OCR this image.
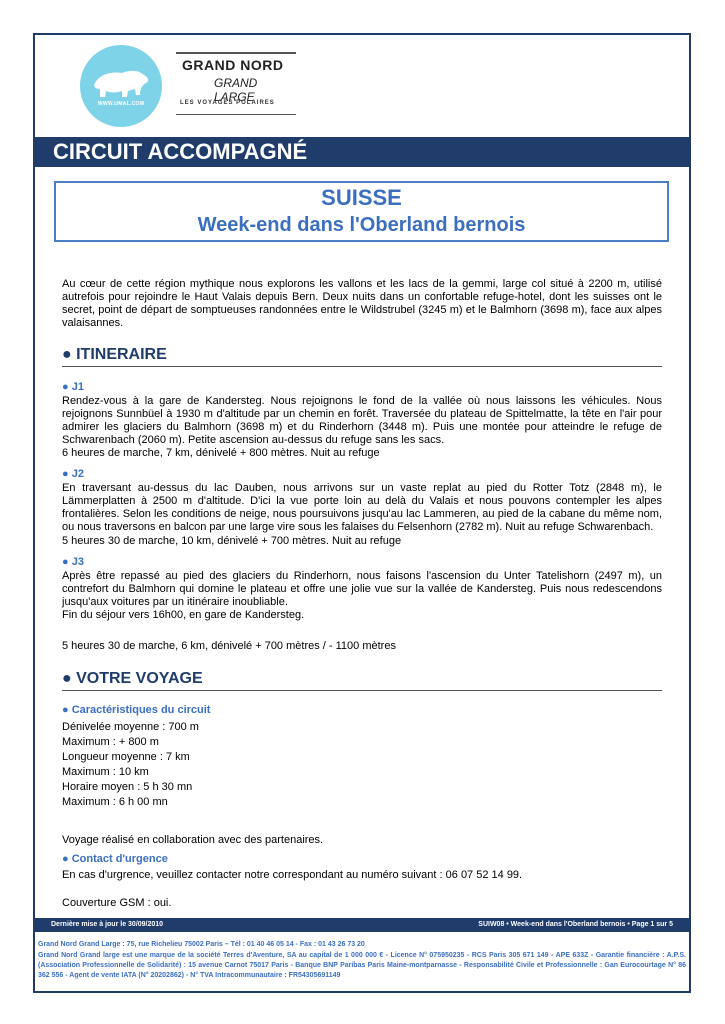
WWW.UMAL.COM
GRAND NORD
GRAND LARGE
LES VOYAGES POLAIRES
CIRCUIT ACCOMPAGNÉ
SUISSE
Week-end dans l'Oberland bernois
Au cœur de cette région mythique nous explorons les vallons et les lacs de la gemmi, large col situé à 2200 m, utilisé autrefois pour rejoindre le Haut Valais depuis Bern. Deux nuits dans un confortable refuge-hotel, dont les suisses ont le secret, point de départ de somptueuses randonnées entre le Wildstrubel (3245 m) et le Balmhorn (3698 m), face aux alpes valaisannes.
● ITINERAIRE
● J1
Rendez-vous à la gare de Kandersteg. Nous rejoignons le fond de la vallée où nous laissons les véhicules. Nous rejoignons Sunnbüel à 1930 m d'altitude par un chemin en forêt. Traversée du plateau de Spittelmatte, la tête en l'air pour admirer les glaciers du Balmhorn (3698 m) et du Rinderhorn (3448 m). Puis une montée pour atteindre le refuge de Schwarenbach (2060 m). Petite ascension au-dessus du refuge sans les sacs.
6 heures de marche, 7 km, dénivelé + 800 mètres. Nuit au refuge
● J2
En traversant au-dessus du lac Dauben, nous arrivons sur un vaste replat au pied du Rotter Totz (2848 m), le Lämmerplatten à 2500 m d'altitude. D'ici la vue porte loin au delà du Valais et nous pouvons contempler les alpes frontalières. Selon les conditions de neige, nous poursuivons jusqu'au lac Lammeren, au pied de la cabane du même nom, ou nous traversons en balcon par une large vire sous les falaises du Felsenhorn (2782 m). Nuit au refuge Schwarenbach.
5 heures 30 de marche, 10 km, dénivelé + 700 mètres. Nuit au refuge
● J3
Après être repassé au pied des glaciers du Rinderhorn, nous faisons l'ascension du Unter Tatelishorn (2497 m), un contrefort du Balmhorn qui domine le plateau et offre une jolie vue sur la vallée de Kandersteg. Puis nous redescendons jusqu'aux voitures par un itinéraire inoubliable.
Fin du séjour vers 16h00, en gare de Kandersteg.
5 heures 30 de marche, 6 km, dénivelé + 700 mètres / - 1100 mètres
● VOTRE VOYAGE
● Caractéristiques du circuit
Dénivelée moyenne : 700 m
Maximum : + 800 m
Longueur moyenne : 7 km
Maximum : 10 km
Horaire moyen : 5 h 30 mn
Maximum : 6 h 00 mn
Voyage réalisé en collaboration avec des partenaires.
● Contact d'urgence
En cas d'urgrence, veuillez contacter notre correspondant au numéro suivant : 06 07 52 14 99.
Couverture GSM : oui.
Dernière mise à jour le 30/09/2010	SUIW08 • Week-end dans l'Oberland bernois • Page 1 sur 5
Grand Nord Grand Large : 75, rue Richelieu 75002 Paris – Tél : 01 40 46 05 14 - Fax : 01 43 26 73 20
Grand Nord Grand large est une marque de la société Terres d'Aventure, SA au capital de 1 000 000 € - Licence N° 075950235 - RCS Paris 305 671 149 - APE 633Z - Garantie financière : A.P.S. (Association Professionnelle de Solidarité) : 15 avenue Carnot 75017 Paris - Banque BNP Paribas Paris Maine-montparnasse - Responsabilité Civile et Professionnelle : Gan Eurocourtage N° 86 362 556 - Agent de vente IATA (N° 20202862) - N° TVA Intracommunautaire : FR54305691149
